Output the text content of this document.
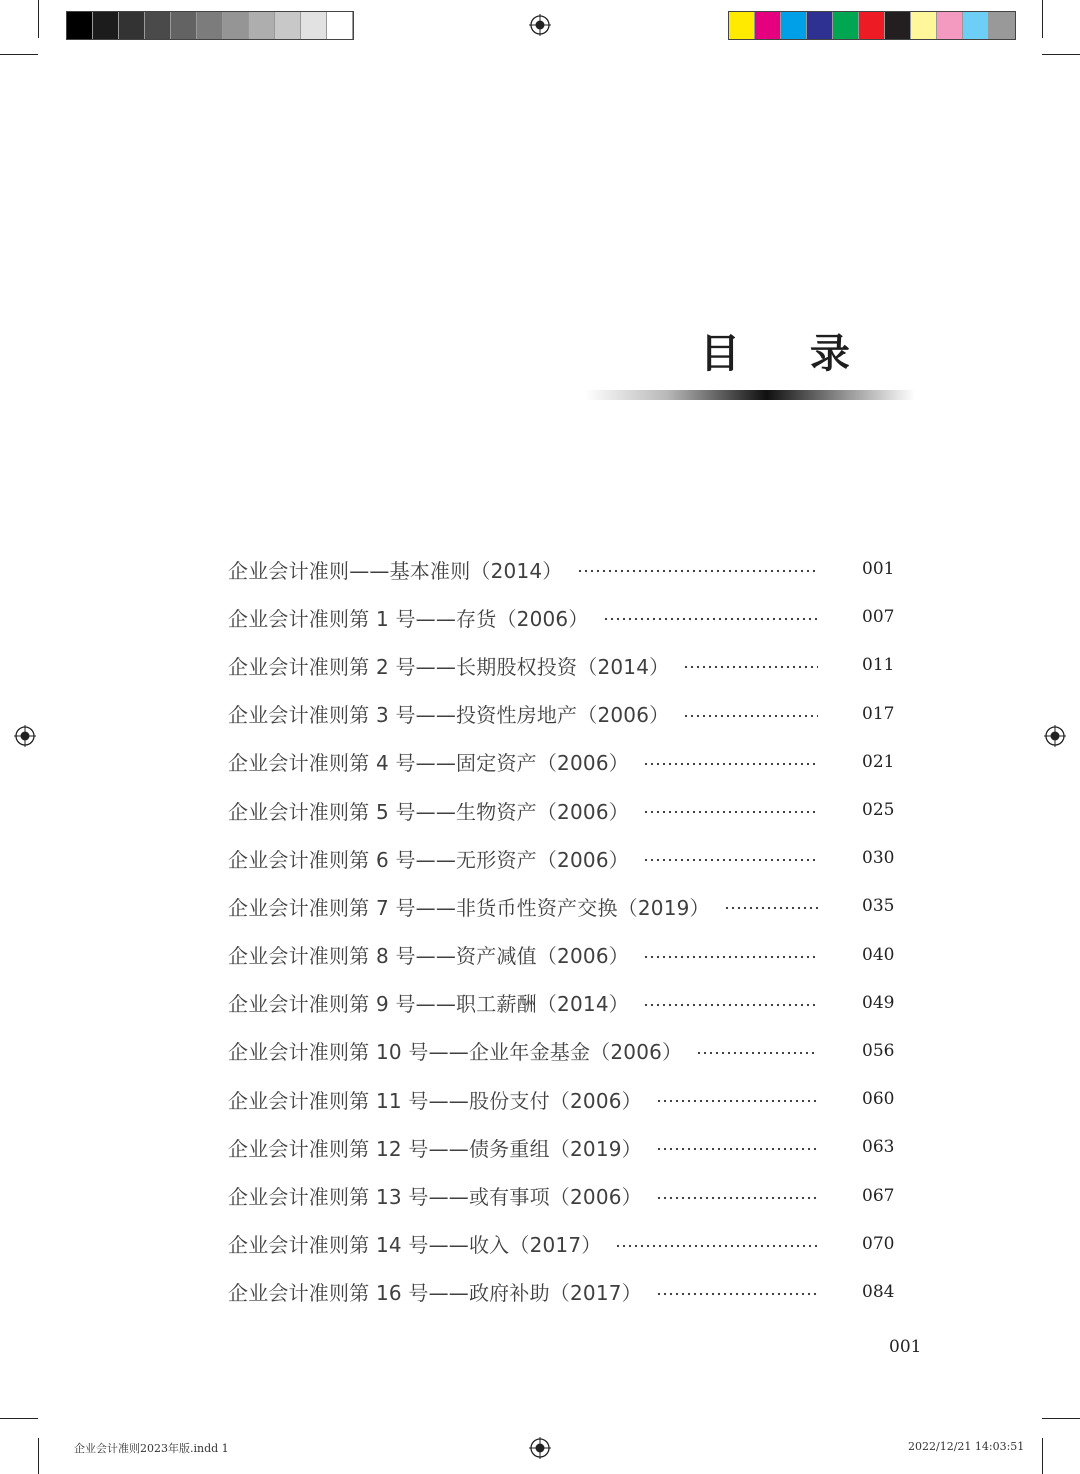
目 录
企业会计准则——基本准则（2014）	001
企业会计准则第 1 号——存货（2006）	007
企业会计准则第 2 号——长期股权投资（2014）	011
企业会计准则第 3 号——投资性房地产（2006）	017
企业会计准则第 4 号——固定资产（2006）	021
企业会计准则第 5 号——生物资产（2006）	025
企业会计准则第 6 号——无形资产（2006）	030
企业会计准则第 7 号——非货币性资产交换（2019）	035
企业会计准则第 8 号——资产减值（2006）	040
企业会计准则第 9 号——职工薪酬（2014）	049
企业会计准则第 10 号——企业年金基金（2006）	056
企业会计准则第 11 号——股份支付（2006）	060
企业会计准则第 12 号——债务重组（2019）	063
企业会计准则第 13 号——或有事项（2006）	067
企业会计准则第 14 号——收入（2017）	070
企业会计准则第 16 号——政府补助（2017）	084
001
企业会计准则2023年版.indd 1	2022/12/21 14:03:51
